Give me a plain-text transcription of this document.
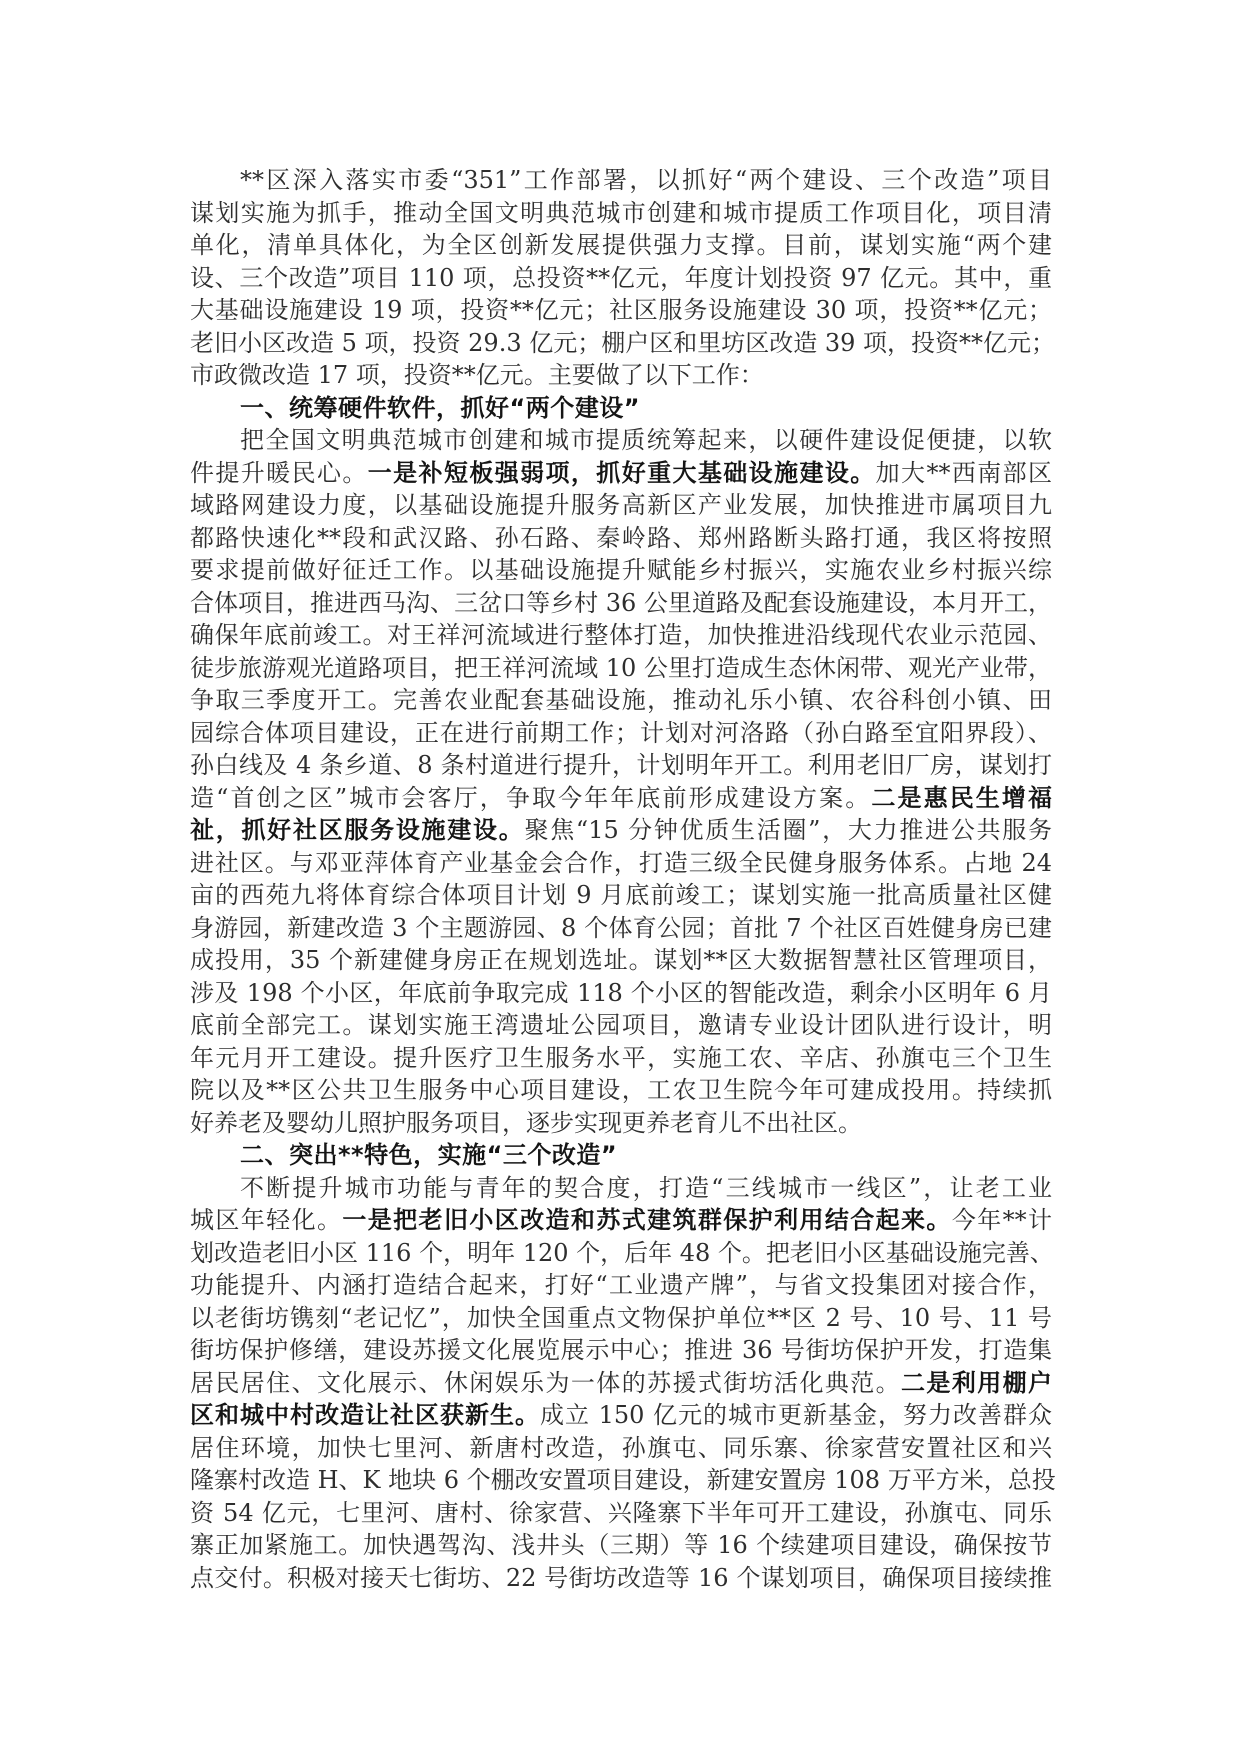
**区深入落实市委“351”工作部署，以抓好“两个建设、三个改造”项目
谋划实施为抓手，推动全国文明典范城市创建和城市提质工作项目化，项目清
单化，清单具体化，为全区创新发展提供强力支撑。目前，谋划实施“两个建
设、三个改造”项目 110 项，总投资**亿元，年度计划投资 97 亿元。其中，重
大基础设施建设 19 项，投资**亿元；社区服务设施建设 30 项，投资**亿元；
老旧小区改造 5 项，投资 29.3 亿元；棚户区和里坊区改造 39 项，投资**亿元；
市政微改造 17 项，投资**亿元。主要做了以下工作：
一、统筹硬件软件，抓好“两个建设”
把全国文明典范城市创建和城市提质统筹起来，以硬件建设促便捷，以软
件提升暖民心。一是补短板强弱项，抓好重大基础设施建设。加大**西南部区
域路网建设力度，以基础设施提升服务高新区产业发展，加快推进市属项目九
都路快速化**段和武汉路、孙石路、秦岭路、郑州路断头路打通，我区将按照
要求提前做好征迁工作。以基础设施提升赋能乡村振兴，实施农业乡村振兴综
合体项目，推进西马沟、三岔口等乡村 36 公里道路及配套设施建设，本月开工，
确保年底前竣工。对王祥河流域进行整体打造，加快推进沿线现代农业示范园、
徒步旅游观光道路项目，把王祥河流域 10 公里打造成生态休闲带、观光产业带，
争取三季度开工。完善农业配套基础设施，推动礼乐小镇、农谷科创小镇、田
园综合体项目建设，正在进行前期工作；计划对河洛路（孙白路至宜阳界段）、
孙白线及 4 条乡道、8 条村道进行提升，计划明年开工。利用老旧厂房，谋划打
造“首创之区”城市会客厅，争取今年年底前形成建设方案。二是惠民生增福
祉，抓好社区服务设施建设。聚焦“15 分钟优质生活圈”，大力推进公共服务
进社区。与邓亚萍体育产业基金会合作，打造三级全民健身服务体系。占地 24
亩的西苑九将体育综合体项目计划 9 月底前竣工；谋划实施一批高质量社区健
身游园，新建改造 3 个主题游园、8 个体育公园；首批 7 个社区百姓健身房已建
成投用，35 个新建健身房正在规划选址。谋划**区大数据智慧社区管理项目，
涉及 198 个小区，年底前争取完成 118 个小区的智能改造，剩余小区明年 6 月
底前全部完工。谋划实施王湾遗址公园项目，邀请专业设计团队进行设计，明
年元月开工建设。提升医疗卫生服务水平，实施工农、辛店、孙旗屯三个卫生
院以及**区公共卫生服务中心项目建设，工农卫生院今年可建成投用。持续抓
好养老及婴幼儿照护服务项目，逐步实现更养老育儿不出社区。
二、突出**特色，实施“三个改造”
不断提升城市功能与青年的契合度，打造“三线城市一线区”，让老工业
城区年轻化。一是把老旧小区改造和苏式建筑群保护利用结合起来。今年**计
划改造老旧小区 116 个，明年 120 个，后年 48 个。把老旧小区基础设施完善、
功能提升、内涵打造结合起来，打好“工业遗产牌”，与省文投集团对接合作，
以老街坊镌刻“老记忆”，加快全国重点文物保护单位**区 2 号、10 号、11 号
街坊保护修缮，建设苏援文化展览展示中心；推进 36 号街坊保护开发，打造集
居民居住、文化展示、休闲娱乐为一体的苏援式街坊活化典范。二是利用棚户
区和城中村改造让社区获新生。成立 150 亿元的城市更新基金，努力改善群众
居住环境，加快七里河、新唐村改造，孙旗屯、同乐寨、徐家营安置社区和兴
隆寨村改造 H、K 地块 6 个棚改安置项目建设，新建安置房 108 万平方米，总投
资 54 亿元，七里河、唐村、徐家营、兴隆寨下半年可开工建设，孙旗屯、同乐
寨正加紧施工。加快遇驾沟、浅井头（三期）等 16 个续建项目建设，确保按节
点交付。积极对接天七街坊、22 号街坊改造等 16 个谋划项目，确保项目接续推
